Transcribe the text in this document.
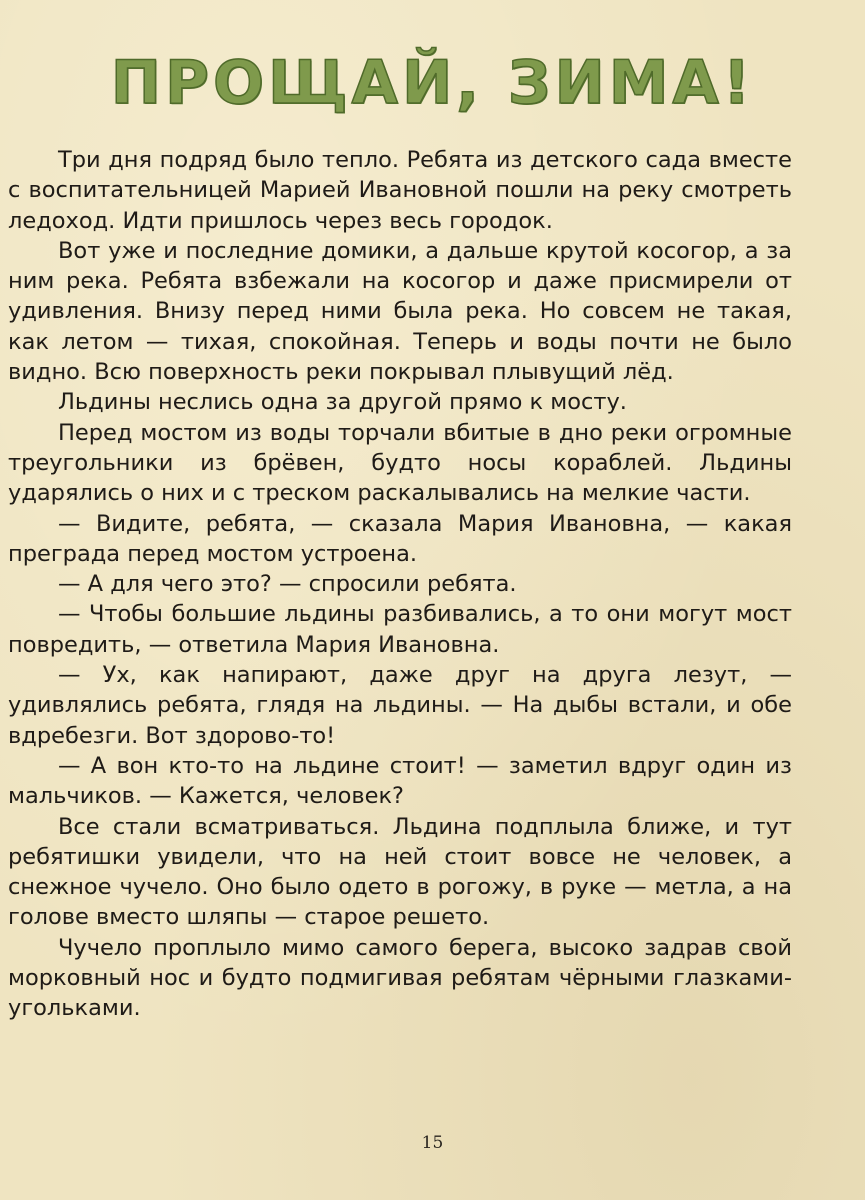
ПРОЩАЙ, ЗИМА!

Три дня подряд было тепло. Ребята из детского сада вместе с воспитательницей Марией Ивановной пошли на реку смотреть ледоход. Идти пришлось через весь городок.

Вот уже и последние домики, а дальше крутой косогор, а за ним река. Ребята взбежали на косогор и даже присмирели от удивления. Внизу перед ними была река. Но совсем не такая, как летом — тихая, спокойная. Теперь и воды почти не было видно. Всю поверхность реки покрывал плывущий лёд.

Льдины неслись одна за другой прямо к мосту.

Перед мостом из воды торчали вбитые в дно реки огромные треугольники из брёвен, будто носы кораблей. Льдины ударялись о них и с треском раскалывались на мелкие части.

— Видите, ребята, — сказала Мария Ивановна, — какая преграда перед мостом устроена.

— А для чего это? — спросили ребята.

— Чтобы большие льдины разбивались, а то они могут мост повредить, — ответила Мария Ивановна.

— Ух, как напирают, даже друг на друга лезут, — удивлялись ребята, глядя на льдины. — На дыбы встали, и обе вдребезги. Вот здорово-то!

— А вон кто-то на льдине стоит! — заметил вдруг один из мальчиков. — Кажется, человек?

Все стали всматриваться. Льдина подплыла ближе, и тут ребятишки увидели, что на ней стоит вовсе не человек, а снежное чучело. Оно было одето в рогожу, в руке — метла, а на голове вместо шляпы — старое решето.

Чучело проплыло мимо самого берега, высоко задрав свой морковный нос и будто подмигивая ребятам чёрными глазками-угольками.

15
